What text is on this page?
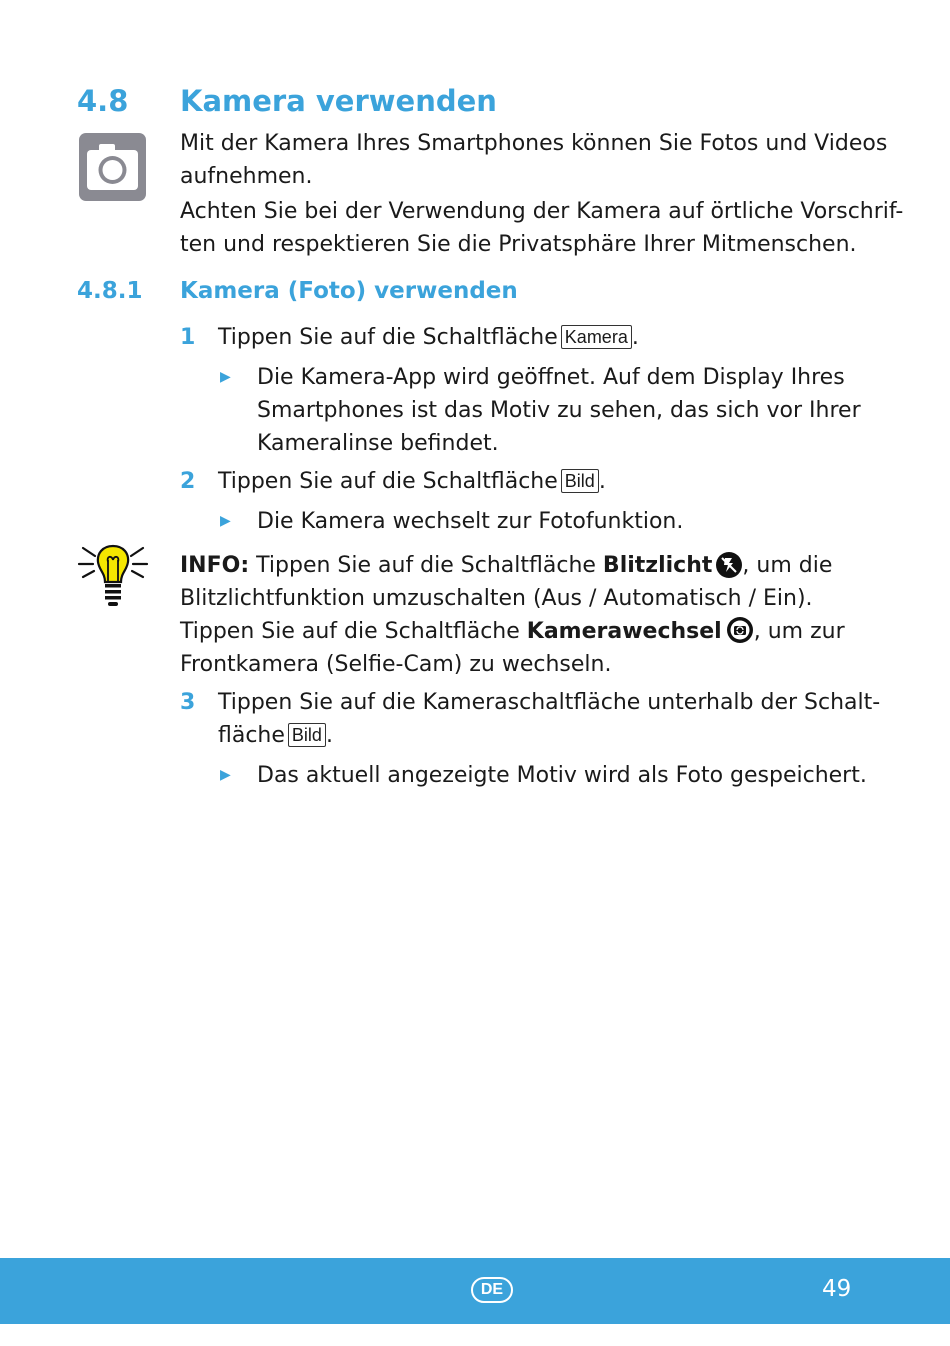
4.8 Kamera verwenden
Mit der Kamera Ihres Smartphones können Sie Fotos und Videos
aufnehmen.
Achten Sie bei der Verwendung der Kamera auf örtliche Vorschrif-
ten und respektieren Sie die Privatsphäre Ihrer Mitmenschen.
4.8.1 Kamera (Foto) verwenden
1 Tippen Sie auf die Schaltfläche Kamera .
▶ Die Kamera-App wird geöffnet. Auf dem Display Ihres
Smartphones ist das Motiv zu sehen, das sich vor Ihrer
Kameralinse befindet.
2 Tippen Sie auf die Schaltfläche Bild .
▶ Die Kamera wechselt zur Fotofunktion.
INFO: Tippen Sie auf die Schaltfläche Blitzlicht , um die
Blitzlichtfunktion umzuschalten (Aus / Automatisch / Ein).
Tippen Sie auf die Schaltfläche Kamerawechsel , um zur
Frontkamera (Selfie-Cam) zu wechseln.
3 Tippen Sie auf die Kameraschaltfläche unterhalb der Schalt-
fläche Bild .
▶ Das aktuell angezeigte Motiv wird als Foto gespeichert.
DE	49
